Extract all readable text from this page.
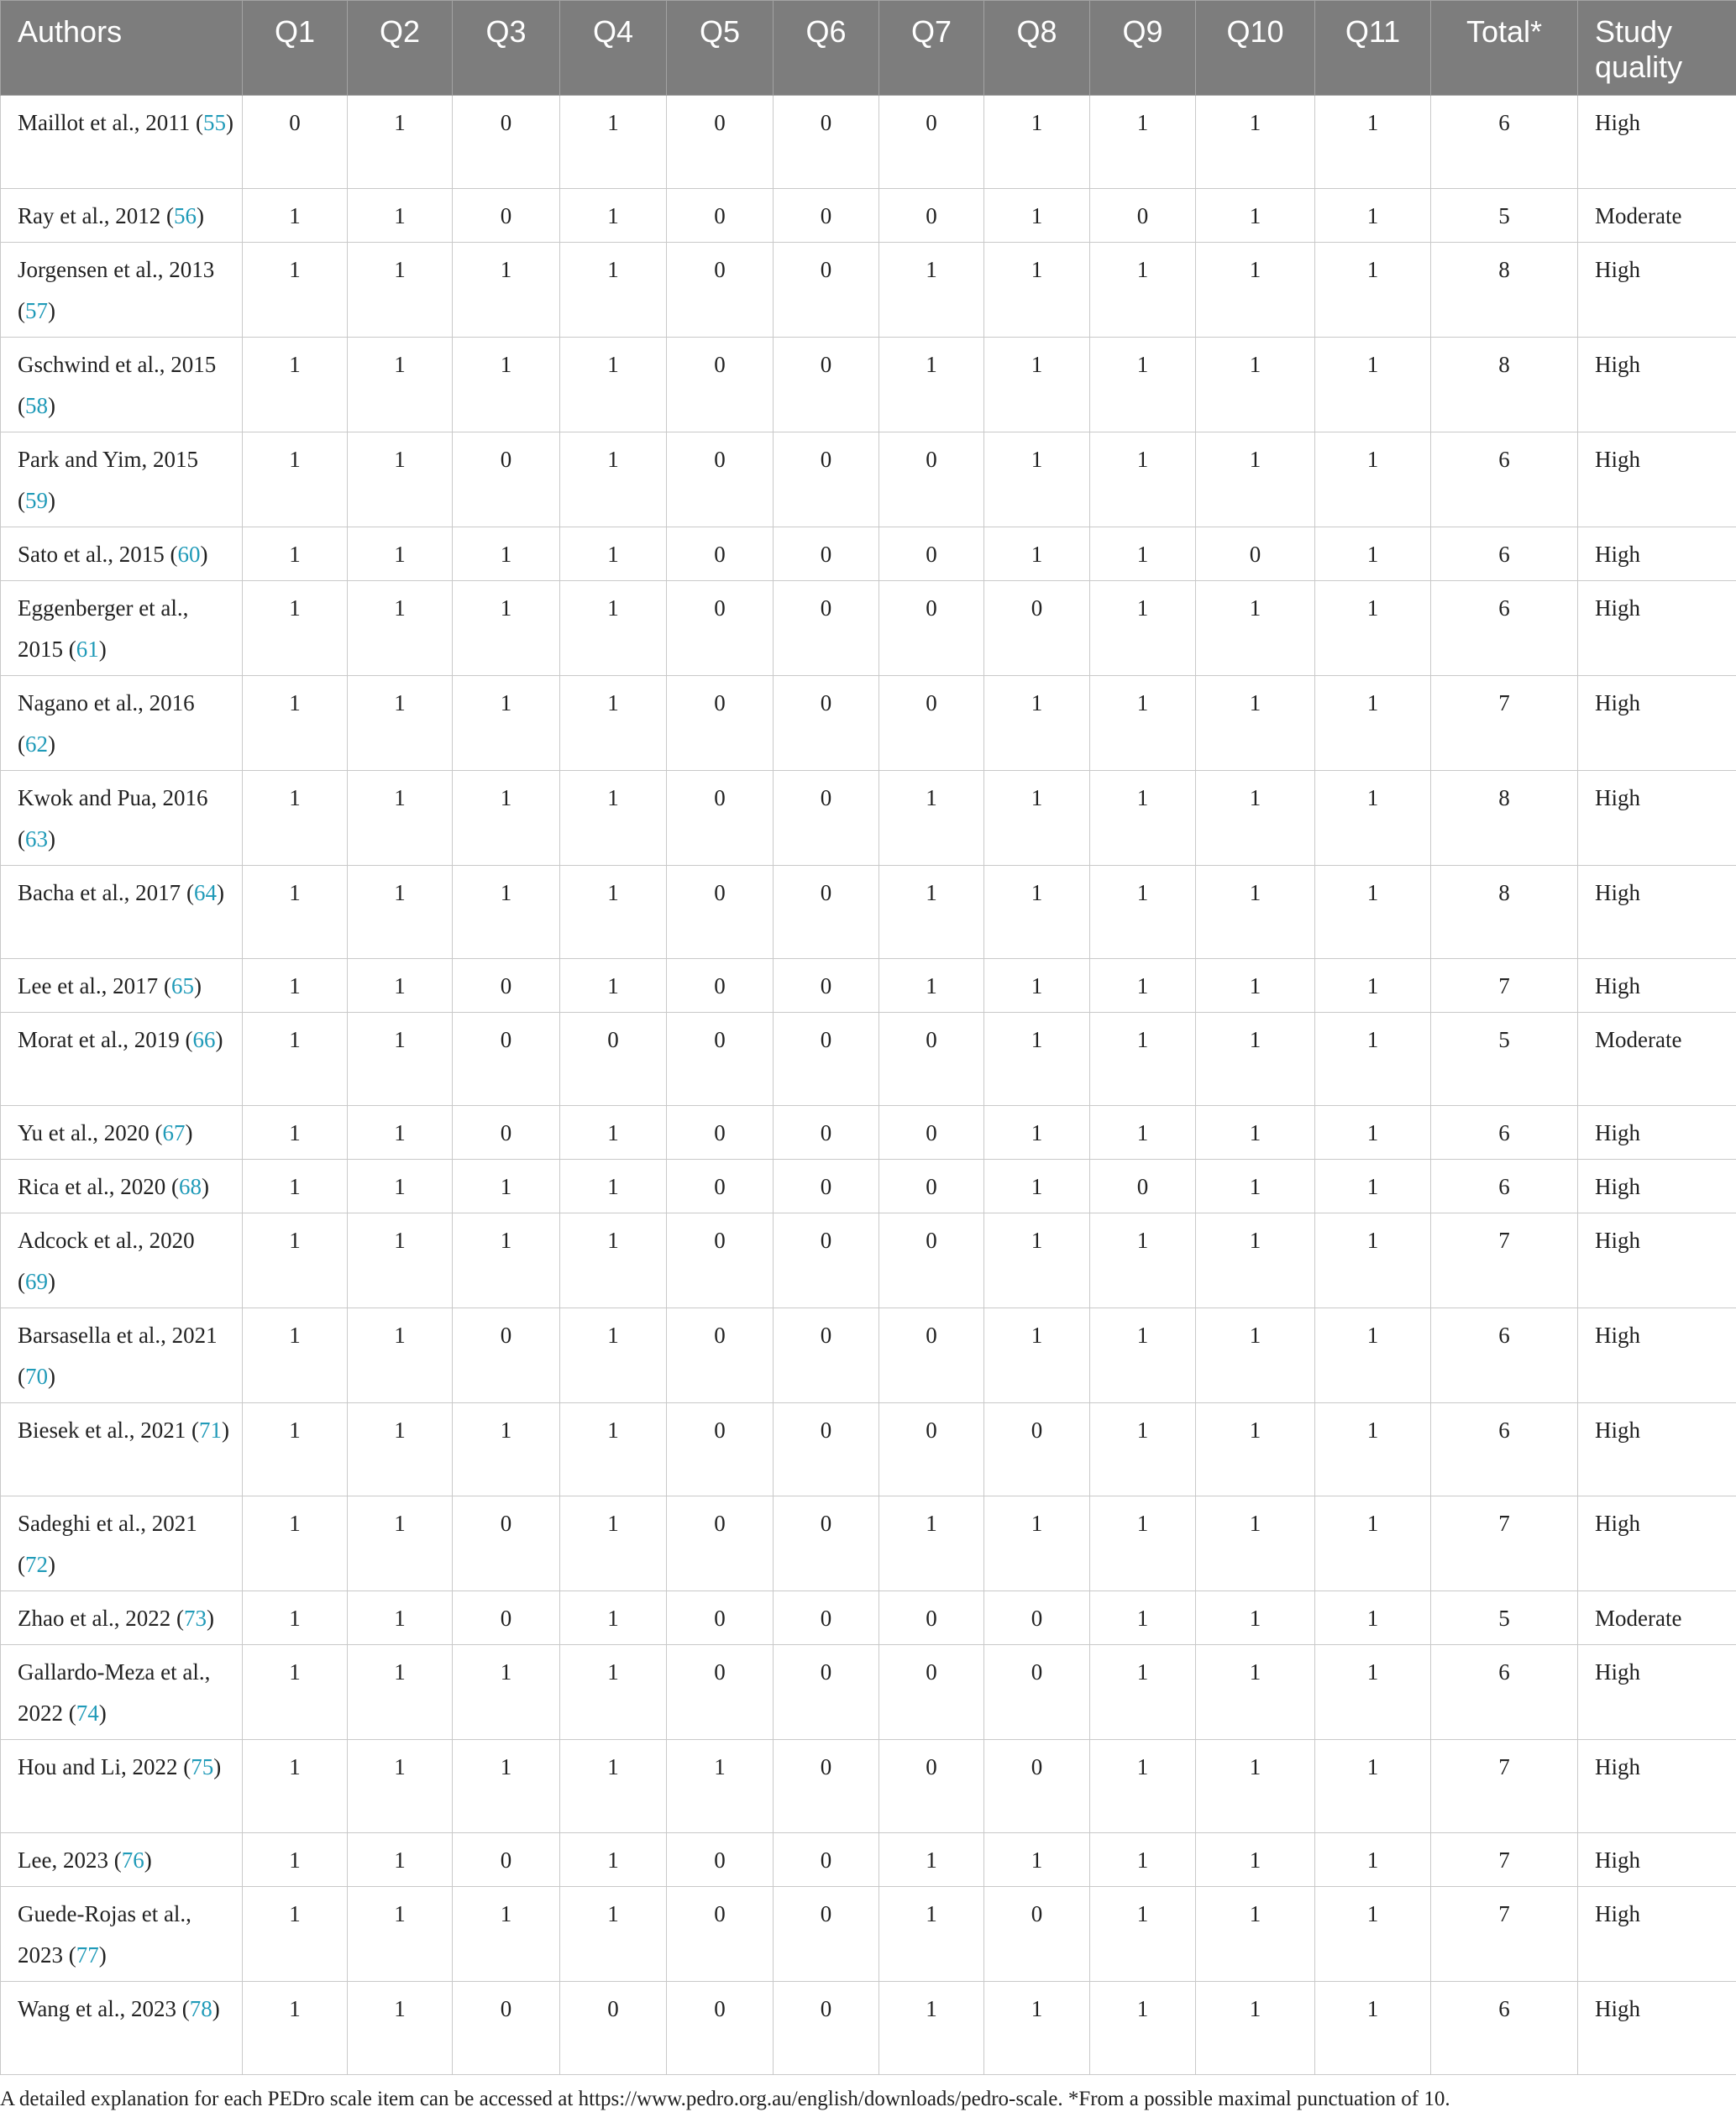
Authors	Q1	Q2	Q3	Q4	Q5	Q6	Q7	Q8	Q9	Q10	Q11	Total*	Study quality
Maillot et al., 2011 (55)	0	1	0	1	0	0	0	1	1	1	1	6	High
Ray et al., 2012 (56)	1	1	0	1	0	0	0	1	0	1	1	5	Moderate
Jorgensen et al., 2013 (57)	1	1	1	1	0	0	1	1	1	1	1	8	High
Gschwind et al., 2015 (58)	1	1	1	1	0	0	1	1	1	1	1	8	High
Park and Yim, 2015 (59)	1	1	0	1	0	0	0	1	1	1	1	6	High
Sato et al., 2015 (60)	1	1	1	1	0	0	0	1	1	0	1	6	High
Eggenberger et al., 2015 (61)	1	1	1	1	0	0	0	0	1	1	1	6	High
Nagano et al., 2016 (62)	1	1	1	1	0	0	0	1	1	1	1	7	High
Kwok and Pua, 2016 (63)	1	1	1	1	0	0	1	1	1	1	1	8	High
Bacha et al., 2017 (64)	1	1	1	1	0	0	1	1	1	1	1	8	High
Lee et al., 2017 (65)	1	1	0	1	0	0	1	1	1	1	1	7	High
Morat et al., 2019 (66)	1	1	0	0	0	0	0	1	1	1	1	5	Moderate
Yu et al., 2020 (67)	1	1	0	1	0	0	0	1	1	1	1	6	High
Rica et al., 2020 (68)	1	1	1	1	0	0	0	1	0	1	1	6	High
Adcock et al., 2020 (69)	1	1	1	1	0	0	0	1	1	1	1	7	High
Barsasella et al., 2021 (70)	1	1	0	1	0	0	0	1	1	1	1	6	High
Biesek et al., 2021 (71)	1	1	1	1	0	0	0	0	1	1	1	6	High
Sadeghi et al., 2021 (72)	1	1	0	1	0	0	1	1	1	1	1	7	High
Zhao et al., 2022 (73)	1	1	0	1	0	0	0	0	1	1	1	5	Moderate
Gallardo-Meza et al., 2022 (74)	1	1	1	1	0	0	0	0	1	1	1	6	High
Hou and Li, 2022 (75)	1	1	1	1	1	0	0	0	1	1	1	7	High
Lee, 2023 (76)	1	1	0	1	0	0	1	1	1	1	1	7	High
Guede-Rojas et al., 2023 (77)	1	1	1	1	0	0	1	0	1	1	1	7	High
Wang et al., 2023 (78)	1	1	0	0	0	0	1	1	1	1	1	6	High
A detailed explanation for each PEDro scale item can be accessed at https://www.pedro.org.au/english/downloads/pedro-scale. *From a possible maximal punctuation of 10.
